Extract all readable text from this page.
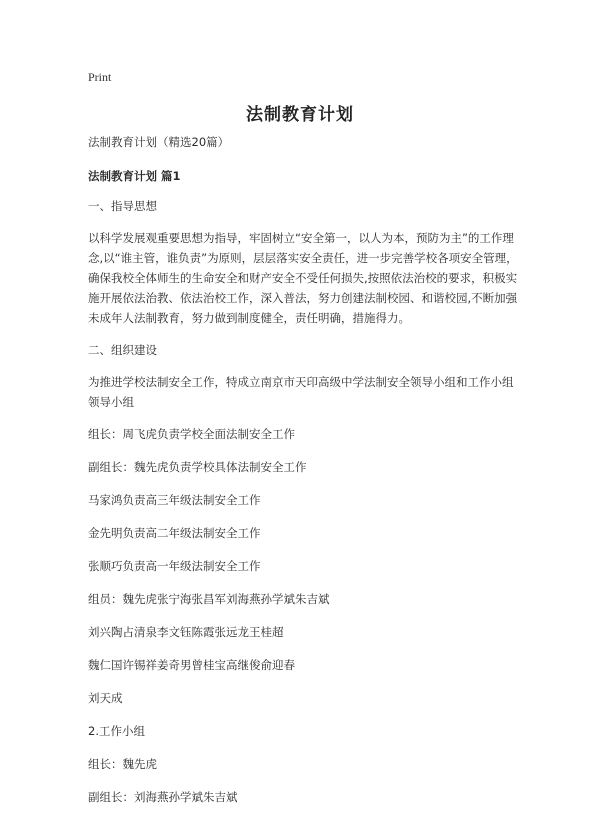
Print
法制教育计划

法制教育计划（精选20篇）

法制教育计划 篇1

一、指导思想

以科学发展观重要思想为指导，牢固树立“安全第一，以人为本，预防为主”的工作理念,以“谁主管，谁负责”为原则，层层落实安全责任，进一步完善学校各项安全管理，确保我校全体师生的生命安全和财产安全不受任何损失,按照依法治校的要求，积极实施开展依法治教、依法治校工作，深入普法，努力创建法制校园、和谐校园,不断加强未成年人法制教育，努力做到制度健全，责任明确，措施得力。

二、组织建设

为推进学校法制安全工作，特成立南京市天印高级中学法制安全领导小组和工作小组领导小组

组长：周飞虎负责学校全面法制安全工作

副组长：魏先虎负责学校具体法制安全工作

马家鸿负责高三年级法制安全工作

金先明负责高二年级法制安全工作

张顺巧负责高一年级法制安全工作

组员：魏先虎张宁海张昌军刘海燕孙学斌朱吉斌

刘兴陶占清泉李文钰陈霞张远龙王桂超

魏仁国许锡祥姜奇男曾桂宝高继俊俞迎春

刘天成

2.工作小组

组长：魏先虎

副组长：刘海燕孙学斌朱吉斌
